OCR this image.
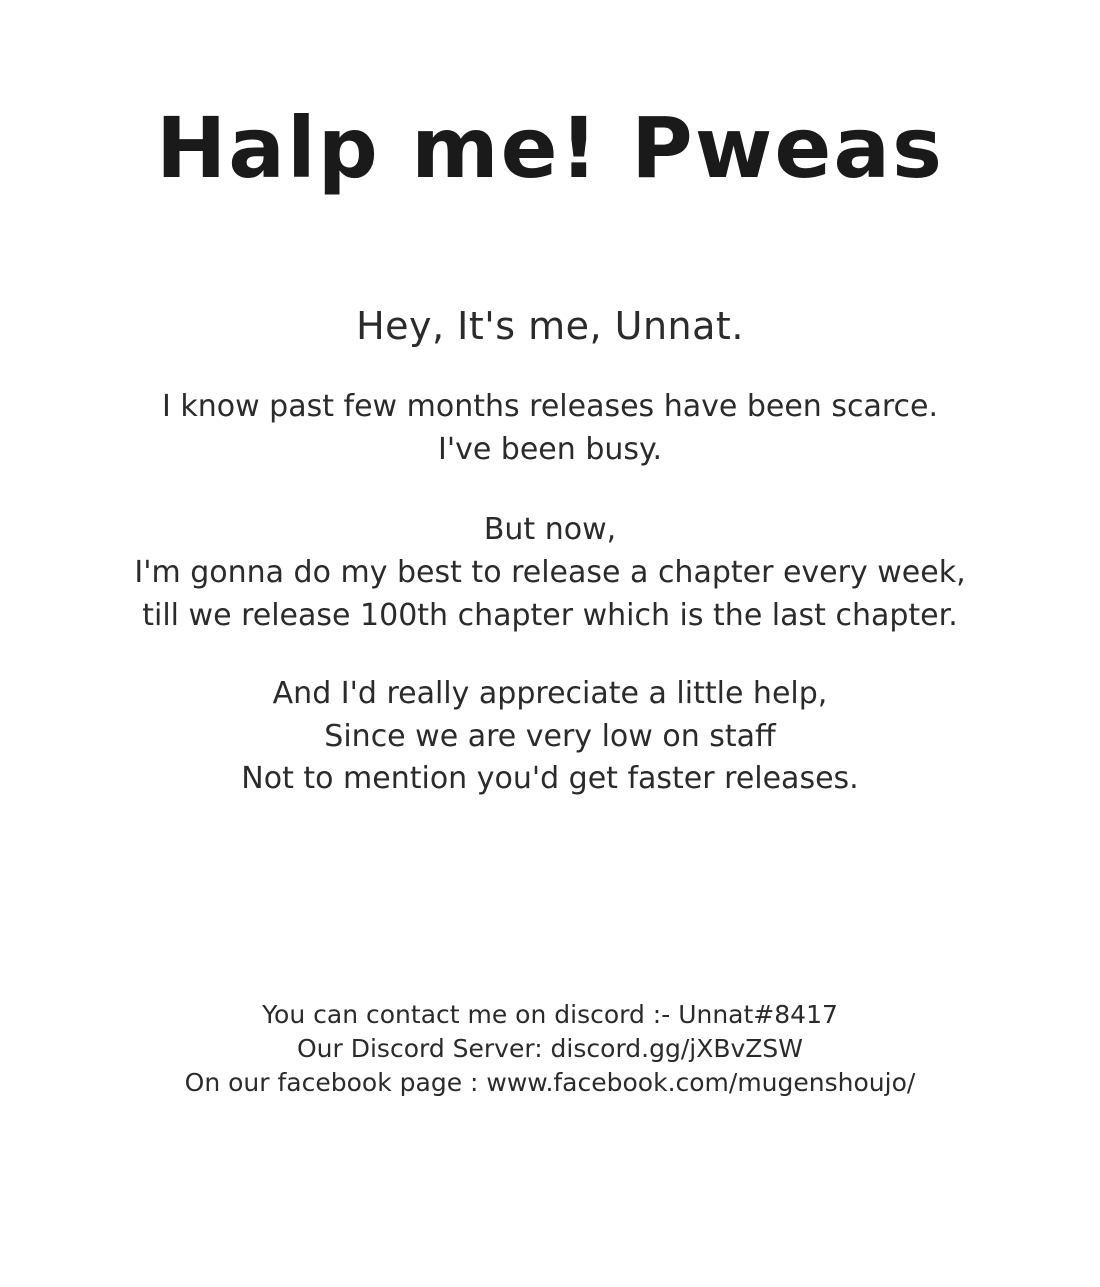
Halp me! Pweas
Hey, It's me, Unnat.

I know past few months releases have been scarce.

I've been busy.

But now,

I'm gonna do my best to release a chapter every week,

till we release 100th chapter which is the last chapter.

And I'd really appreciate a little help,

Since we are very low on staff

Not to mention you'd get faster releases.

You can contact me on discord :- Unnat#8417

Our Discord Server: discord.gg/jXBvZSW

On our facebook page : www.facebook.com/mugenshoujo/
